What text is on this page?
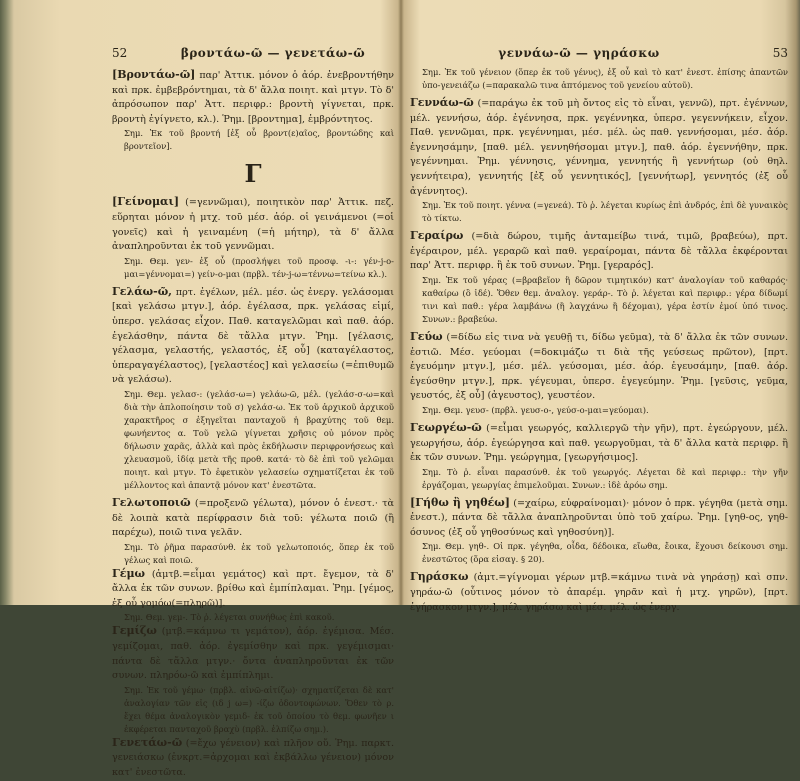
52	βροντάω-ῶ — γενετάω-ῶ

[Βροντάω-ῶ] παρ' Ἀττικ. μόνον ὁ ἀόρ. ἐνεβροντήθην καὶ πρκ. ἐμβεβρόντημαι, τὰ δ' ἄλλα ποιητ. καὶ μτγν. Τὸ δ' ἀπρόσωπον παρ' Ἀττ. περιφρ.: βροντὴ γίγνεται, πρκ. βροντὴ ἐγίγνετο, κλ.). Ῥημ. [βροντημα], ἐμβρόντητος.

Σημ. Ἐκ τοῦ βροντή [ἐξ οὗ βροντ(ε)αῖος, βροντώδης καὶ βροντεῖον].

Γ

[Γείνομαι] (=γεννῶμαι), ποιητικὸν παρ' Ἀττικ. πεζ. εὕρηται μόνον ἡ μτχ. τοῦ μέσ. ἀόρ. οἱ γεινάμενοι (=οἱ γονεῖς) καὶ ἡ γειναμένη (=ἡ μήτηρ), τὰ δ' ἄλλα ἀναπληροῦνται ἐκ τοῦ γεννῶμαι.

Σημ. Θεμ. γεν- ἐξ οὗ (προσλήψει τοῦ προσφ. -ι-: γέν-j-ο-μαι=γέννομαι=) γείν-ο-μαι (πρβλ. τέν-j-ω=τέννω=τείνω κλ.).

Γελάω-ῶ, πρτ. ἐγέλων, μέλ. μέσ. ὡς ἐνεργ. γελάσομαι [καὶ γελάσω μτγν.], ἀόρ. ἐγέλασα, πρκ. γελάσας εἰμί, ὑπερσ. γελάσας εἶχον. Παθ. καταγελῶμαι καὶ παθ. ἀόρ. ἐγελάσθην, πάντα δὲ τἄλλα μτγν. Ῥημ. [γέλασις, γέλασμα, γελαστής, γελαστός, ἐξ οὗ] (καταγέλαστος, ὑπεραγαγέλαστος), [γελαστέος] καὶ γελασείω (=ἐπιθυμῶ νὰ γελάσω).

Σημ. Θεμ. γελασ-: (γελάσ-ω=) γελάω-ῶ, μέλ. (γελάσ-σ-ω=καὶ διὰ τὴν ἀπλοποίησιν τοῦ σ) γελάσ-ω. Ἐκ τοῦ ἀρχικοῦ ἀρχικοῦ χαρακτῆρος σ ἐξηγεῖται πανταχοῦ ἡ βραχύτης τοῦ θεμ. φωνήεντος α. Τοῦ γελῶ γίγνεται χρῆσις οὐ μόνον πρὸς δήλωσιν χαρᾶς, ἀλλὰ καὶ πρὸς ἐκδήλωσιν περιφρονήσεως καὶ χλευασμοῦ, ἰδίᾳ μετὰ τῆς προθ. κατά· τὸ δὲ ἐπὶ τοῦ γελῶμαι ποιητ. καὶ μτγν. Τὸ ἐφετικὸν γελασείω σχηματίζεται ἐκ τοῦ μέλλοντος καὶ ἀπαντᾷ μόνον κατ' ἐνεστῶτα.

Γελωτοποιῶ (=προξενῶ γέλωτα), μόνον ὁ ἐνεστ.· τὰ δὲ λοιπὰ κατὰ περίφρασιν διὰ τοῦ: γέλωτα ποιῶ (ἢ παρέχω), ποιῶ τινα γελᾶν.

Σημ. Τὸ ῥῆμα παρασύνθ. ἐκ τοῦ γελωτοποιός, ὅπερ ἐκ τοῦ γέλως καὶ ποιῶ.

Γέμω (ἀμτβ.=εἶμαι γεμάτος) καὶ πρτ. ἔγεμον, τὰ δ' ἄλλα ἐκ τῶν συνων. βρίθω καὶ ἐμπίπλαμαι. Ῥημ. [γέμος, ἐξ οὗ γομόω(=πληρῶ)].

Σημ. Θεμ. γεμ-. Τὸ ῥ. λέγεται συνήθως ἐπὶ κακοῦ.

Γεμίζω (μτβ.=κάμνω τι γεμάτον), ἀόρ. ἐγέμισα. Μέσ. γεμίζομαι, παθ. ἀόρ. ἐγεμίσθην καὶ πρκ. γεγέμισμαι· πάντα δὲ τἄλλα μτγν.· ὄντα ἀναπληροῦνται ἐκ τῶν συνων. πληρόω-ῶ καὶ ἐμπίπλημι.

Σημ. Ἐκ τοῦ γέμω· (πρβλ. αἰνῶ-αἰτίζω)· σχηματίζεται δὲ κατ' ἀναλογίαν τῶν εἰς (ιδ j ω=) -ίζω ὀδοντοφώνων. Ὅθεν τὸ ρ. ἔχει θέμα ἀναλογικὸν γεμιδ- ἐκ τοῦ ὁποίου τὸ θεμ. φωνῆεν ι ἐκφέρεται πανταχοῦ βραχὺ (πρβλ. ἐλπίζω σημ.).

Γενετάω-ῶ (=ἔχω γένειον) καὶ πλῆον οὔ. Ῥημ. παρκτ. γενειάσκω (ἐνκρτ.=ἀρχομαι καὶ ἐκβάλλω γένειον) μόνον κατ' ἐνεστῶτα.

γεννάω-ῶ — γηράσκω	53

Σημ. Ἐκ τοῦ γένειον (ὅπερ ἐκ τοῦ γένυς), ἐξ οὗ καὶ τὸ κατ' ἐνεστ. ἐπίσης ἀπαντῶν ὑπο-γενειάζω (=παρακαλῶ τινα ἁπτόμενος τοῦ γενείου αὐτοῦ).

Γεννάω-ῶ (=παράγω ἐκ τοῦ μὴ ὄντος εἰς τὸ εἶναι, γεννῶ), πρτ. ἐγέννων, μέλ. γεννήσω, ἀόρ. ἐγέννησα, πρκ. γεγέννηκα, ὑπερσ. γεγεννήκειν, εἶχον. Παθ. γεννῶμαι, πρκ. γεγέννημαι, μέσ. μέλ. ὡς παθ. γεννήσομαι, μέσ. ἀόρ. ἐγεννησάμην, [παθ. μέλ. γεννηθήσομαι μτγν.], παθ. ἀόρ. ἐγεννήθην, πρκ. γεγέννημαι. Ῥημ. γέννησις, γέννημα, γεννητής ἢ γεννήτωρ (οὐ θηλ. γεννήτειρα), γεννητής [ἐξ οὗ γεννητικός], [γεννήτωρ], γεννητός (ἐξ οὗ ἀγέννητος).

Σημ. Ἐκ τοῦ ποιητ. γέννα (=γενεά). Τὸ ῥ. λέγεται κυρίως ἐπὶ ἀνδρός, ἐπὶ δὲ γυναικὸς τὸ τίκτω.

Γεραίρω (=διὰ δώρου, τιμῆς ἀνταμείβω τινά, τιμῶ, βραβεύω), πρτ. ἐγέραιρον, μέλ. γεραρῶ καὶ παθ. γεραίρομαι, πάντα δὲ τἄλλα ἐκφέρονται παρ' Ἀττ. περιφρ. ἢ ἐκ τοῦ συνων. Ῥημ. [γεραρός].

Σημ. Ἐκ τοῦ γέρας (=βραβεῖον ἢ δῶρον τιμητικόν) κατ' ἀναλογίαν τοῦ καθαρός· καθαίρω (ὃ ἰδέ). Ὅθεν θεμ. ἀναλογ. γεράρ-. Τὸ ῥ. λέγεται καὶ περιφρ.: γέρα δίδωμί τινι καὶ παθ.: γέρα λαμβάνω (ἢ λαγχάνω ἢ δέχομαι), γέρα ἐστίν ἐμοί ὑπό τινος. Συνων.: βραβεύω.

Γεύω (=δίδω εἰς τινα νὰ γευθῇ τι, δίδω γεῦμα), τὰ δ' ἄλλα ἐκ τῶν συνων. ἑστιῶ. Μέσ. γεύομαι (=δοκιμάζω τι διὰ τῆς γεύσεως πρῶτον), [πρτ. ἐγευόμην μτγν.], μέσ. μέλ. γεύσομαι, μέσ. ἀόρ. ἐγευσάμην, [παθ. ἀόρ. ἐγεύσθην μτγν.], πρκ. γέγευμαι, ὑπερσ. ἐγεγεύμην. Ῥημ. [γεῦσις, γεῦμα, γευστός, ἐξ οὗ] (ἀγευστος), γευστέον.

Σημ. Θεμ. γευσ- (πρβλ. γευσ-ο-, γεύσ-ο-μαι=γεύομαι).

Γεωργέω-ῶ (=εἶμαι γεωργός, καλλιεργῶ τὴν γῆν), πρτ. ἐγεώργουν, μέλ. γεωργήσω, ἀόρ. ἐγεώργησα καὶ παθ. γεωργοῦμαι, τὰ δ' ἄλλα κατὰ περιφρ. ἢ ἐκ τῶν συνων. Ῥημ. γεώργημα, [γεωργήσιμος].

Σημ. Τὸ ῥ. εἶναι παρασύνθ. ἐκ τοῦ γεωργός. Λέγεται δὲ καὶ περιφρ.: τὴν γῆν ἐργάζομαι, γεωργίας ἐπιμελοῦμαι. Συνων.: ἰδὲ ἀρόω σημ.

[Γήθω ἢ γηθέω] (=χαίρω, εὐφραίνομαι)· μόνον ὁ πρκ. γέγηθα (μετὰ σημ. ἐνεστ.), πάντα δὲ τἄλλα ἀναπληροῦνται ὑπὸ τοῦ χαίρω. Ῥημ. [γηθ-ος, γηθ-όσυνος (ἐξ οὗ γηθοσύνως καὶ γηθοσύνη)].

Σημ. Θεμ. γηθ-. Οἱ πρκ. γέγηθα, οἶδα, δέδοικα, εἴωθα, ἔοικα, ἔχουσι δείκουσι σημ. ἐνεστῶτος (ὅρα εἰσαγ. § 20).

Γηράσκω (ἀμτ.=γίγνομαι γέρων μτβ.=κάμνω τινὰ νὰ γηράσῃ) καὶ σπν. γηράω-ῶ (οὗτινος μόνον τὸ ἀπαρέμ. γηρᾶν καὶ ἡ μτχ. γηρῶν), [πρτ. ἐγήρασκον μτγν.], μέλ. γηράσω καὶ μέσ. μέλ. ὡς ἐνεργ.
